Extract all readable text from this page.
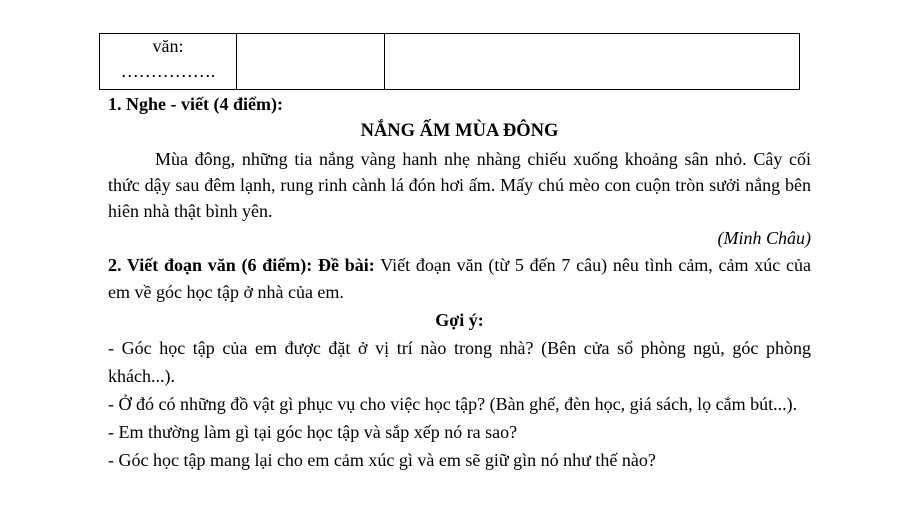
văn:
…………….

1. Nghe - viết (4 điểm):

NẮNG ẤM MÙA ĐÔNG

Mùa đông, những tia nắng vàng hanh nhẹ nhàng chiếu xuống khoảng sân nhỏ. Cây cối thức dậy sau đêm lạnh, rung rinh cành lá đón hơi ấm. Mấy chú mèo con cuộn tròn sưởi nắng bên hiên nhà thật bình yên.

(Minh Châu)

2. Viết đoạn văn (6 điểm): Đề bài: Viết đoạn văn (từ 5 đến 7 câu) nêu tình cảm, cảm xúc của em về góc học tập ở nhà của em.

Gợi ý:

- Góc học tập của em được đặt ở vị trí nào trong nhà? (Bên cửa sổ phòng ngủ, góc phòng khách...).

- Ở đó có những đồ vật gì phục vụ cho việc học tập? (Bàn ghế, đèn học, giá sách, lọ cắm bút...).

- Em thường làm gì tại góc học tập và sắp xếp nó ra sao?

- Góc học tập mang lại cho em cảm xúc gì và em sẽ giữ gìn nó như thế nào?
